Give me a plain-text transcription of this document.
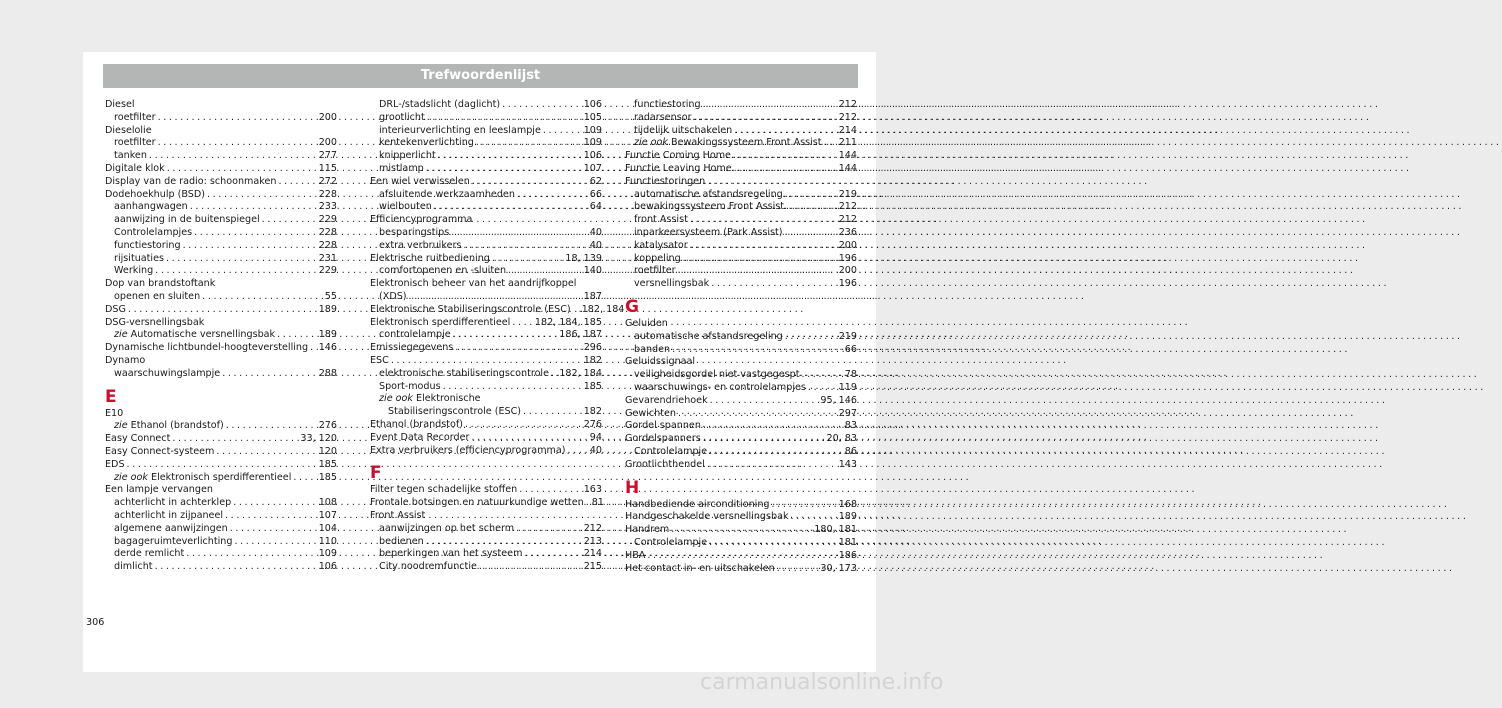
Trefwoordenlijst
Diesel
roetfilter .....	200
Dieselolie
roetfilter .....	200
tanken .....	277
Digitale klok .....	115
Display van de radio: schoonmaken .....	272
Dodehoekhulp (BSD) .....	228
aanhangwagen .....	233
aanwijzing in de buitenspiegel .....	229
Controlelampjes .....	228
functiestoring .....	228
rijsituaties .....	231
Werking .....	229
Dop van brandstoftank
openen en sluiten .....	55
DSG .....	189
DSG-versnellingsbak
zie Automatische versnellingsbak .....	189
Dynamische lichtbundel-hoogteverstelling ..... 146
Dynamo
waarschuwingslampje .....	288
E
E10
zie Ethanol (brandstof) .....	276
Easy Connect .....	33, 120
Easy Connect-systeem .....	120
EDS .....	185
zie ook Elektronisch sperdifferentieel .....	185
Een lampje vervangen
achterlicht in achterklep .....	108
achterlicht in zijpaneel .....	107
algemene aanwijzingen .....	104
bagageruimteverlichting .....	110
derde remlicht .....	109
dimlicht .....	106
DRL-/stadslicht (daglicht) .....	106
grootlicht .....	105
interieurverlichting en leeslampje .....	109
kentekenverlichting .....	109
knipperlicht .....	106
mistlamp .....	107
Een wiel verwisselen .....	62
afsluitende werkzaamheden .....	66
wielbouten .....	64
Efficiencyprogramma
besparingstips .....	40
extra verbruikers .....	40
Elektrische ruitbediening .....	18, 139
comfortopenen en -sluiten .....	140
Elektronisch beheer van het aandrijfkoppel
(XDS) .....	187
Elektronische Stabiliseringscontrole (ESC) .182, 184
Elektronisch sperdifferentieel .....	182, 184, 185
controlelampje .....	186, 187
Emissiegegevens .....	296
ESC .....	182
elektronische stabiliseringscontrole ..... 182, 184
Sport-modus .....	185
zie ook Elektronische
Stabiliseringscontrole (ESC) .....	182
Ethanol (brandstof) .....	276
Event Data Recorder .....	94
Extra verbruikers (efficiencyprogramma) .....	40
F
Filter tegen schadelijke stoffen .....	163
Frontale botsingen en natuurkundige wetten ..... 81
Front Assist
aanwijzingen op het scherm .....	212
bedienen .....	213
beperkingen van het systeem .....	214
City noodremfunctie .....	215
functiestoring .....	212
radarsensor .....	212
tijdelijk uitschakelen .....	214
zie ook Bewakingssysteem Front Assist ..... 211
Functie Coming Home .....	144
Functie Leaving Home .....	144
Functiestoringen
automatische afstandsregeling .....	219
bewakingssysteem Front Assist .....	212
front Assist .....	212
inparkeersysteem (Park Assist) .....	236
katalysator .....	200
koppeling .....	196
roetfilter .....	200
versnellingsbak .....	196
G
Geluiden
automatische afstandsregeling .....	219
banden .....	66
Geluidssignaal
veiligheidsgordel niet vastgegespt .....	78
waarschuwings- en controlelampjes .....	119
Gevarendriehoek .....	95, 146
Gewichten .....	297
Gordel spannen .....	83
Gordelspanners .....	20, 83
Controlelampje .....	86
Grootlichthendel .....	143
H
Handbediende airconditioning .....	168
Handgeschakelde versnellingsbak .....	189
Handrem .....	180, 181
Controlelampje .....	181
HBA .....	186
Het contact in- en uitschakelen .....	30, 173
306
carmanualsonline.info
